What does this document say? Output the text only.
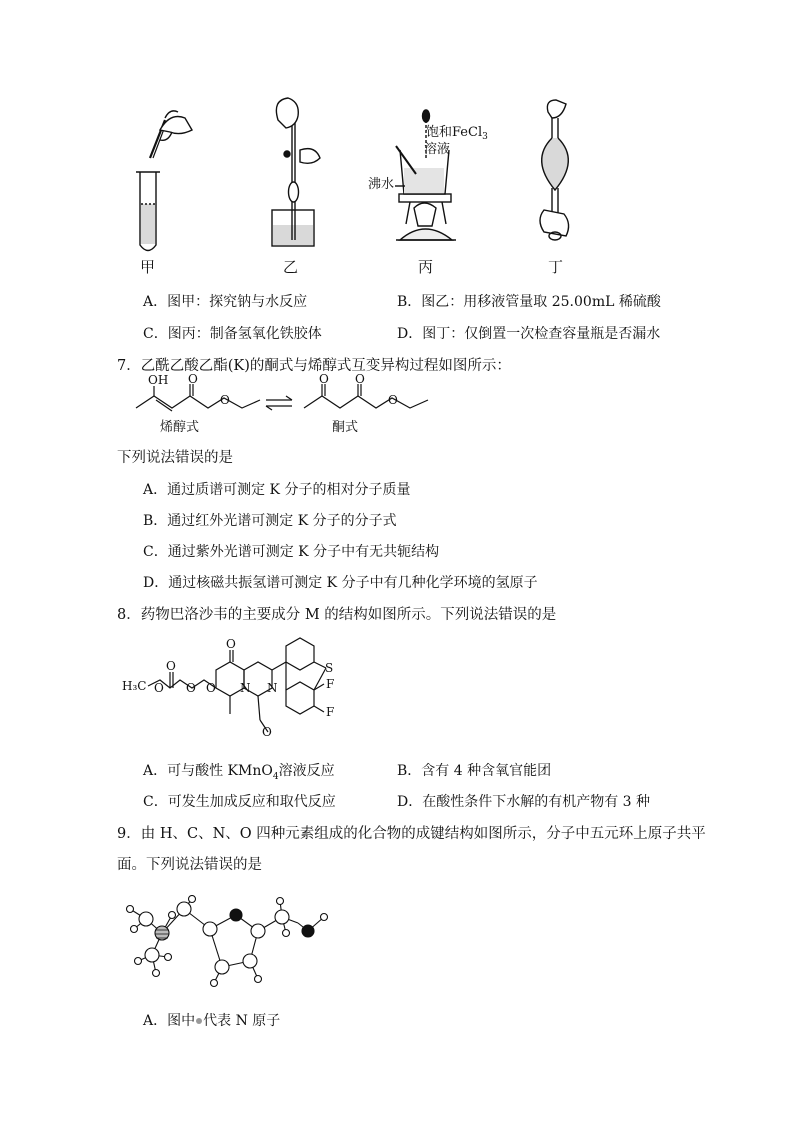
饱和FeCl$_3$
溶液
沸水
甲	乙	丙	丁
A．图甲：探究钠与水反应	B．图乙：用移液管量取 25.00mL 稀硫酸
C．图丙：制备氢氧化铁胶体	D．图丁：仅倒置一次检查容量瓶是否漏水
7．乙酰乙酸乙酯(K)的酮式与烯醇式互变异构过程如图所示：
OH O
O
O O
O
烯醇式	酮式
下列说法错误的是
A．通过质谱可测定 K 分子的相对分子质量
B．通过红外光谱可测定 K 分子的分子式
C．通过紫外光谱可测定 K 分子中有无共轭结构
D．通过核磁共振氢谱可测定 K 分子中有几种化学环境的氢原子
8．药物巴洛沙韦的主要成分 M 的结构如图所示。下列说法错误的是
H₃C O
O
O O
O
O
N N
S
F
F
A．可与酸性 KMnO$_4$溶液反应	B．含有 4 种含氧官能团
C．可发生加成反应和取代反应	D．在酸性条件下水解的有机产物有 3 种
9．由 H、C、N、O 四种元素组成的化合物的成键结构如图所示，分子中五元环上原子共平
面。下列说法错误的是
A．图中 代表 N 原子
